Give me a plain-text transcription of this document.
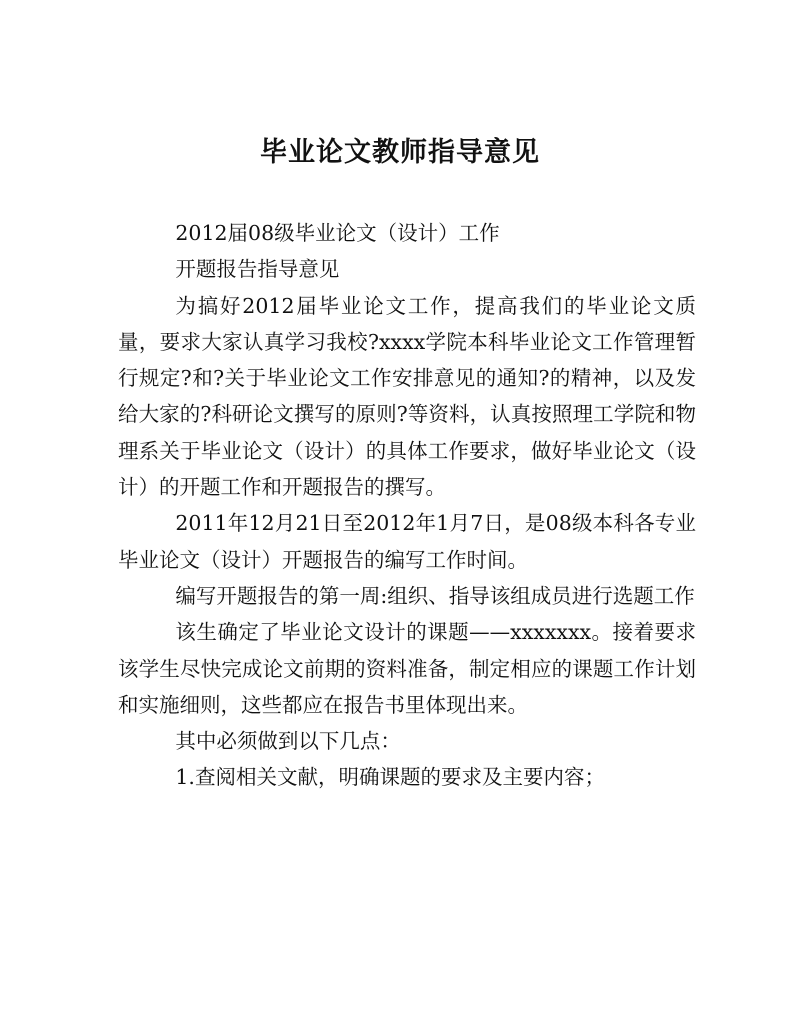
毕业论文教师指导意见

2012届08级毕业论文（设计）工作

开题报告指导意见

为搞好2012届毕业论文工作，提高我们的毕业论文质量，要求大家认真学习我校?xxxx学院本科毕业论文工作管理暂行规定?和?关于毕业论文工作安排意见的通知?的精神，以及发给大家的?科研论文撰写的原则?等资料，认真按照理工学院和物理系关于毕业论文（设计）的具体工作要求，做好毕业论文（设计）的开题工作和开题报告的撰写。

2011年12月21日至2012年1月7日，是08级本科各专业毕业论文（设计）开题报告的编写工作时间。

编写开题报告的第一周:组织、指导该组成员进行选题工作

该生确定了毕业论文设计的课题——xxxxxxx。接着要求该学生尽快完成论文前期的资料准备，制定相应的课题工作计划和实施细则，这些都应在报告书里体现出来。

其中必须做到以下几点：

1.查阅相关文献，明确课题的要求及主要内容；
